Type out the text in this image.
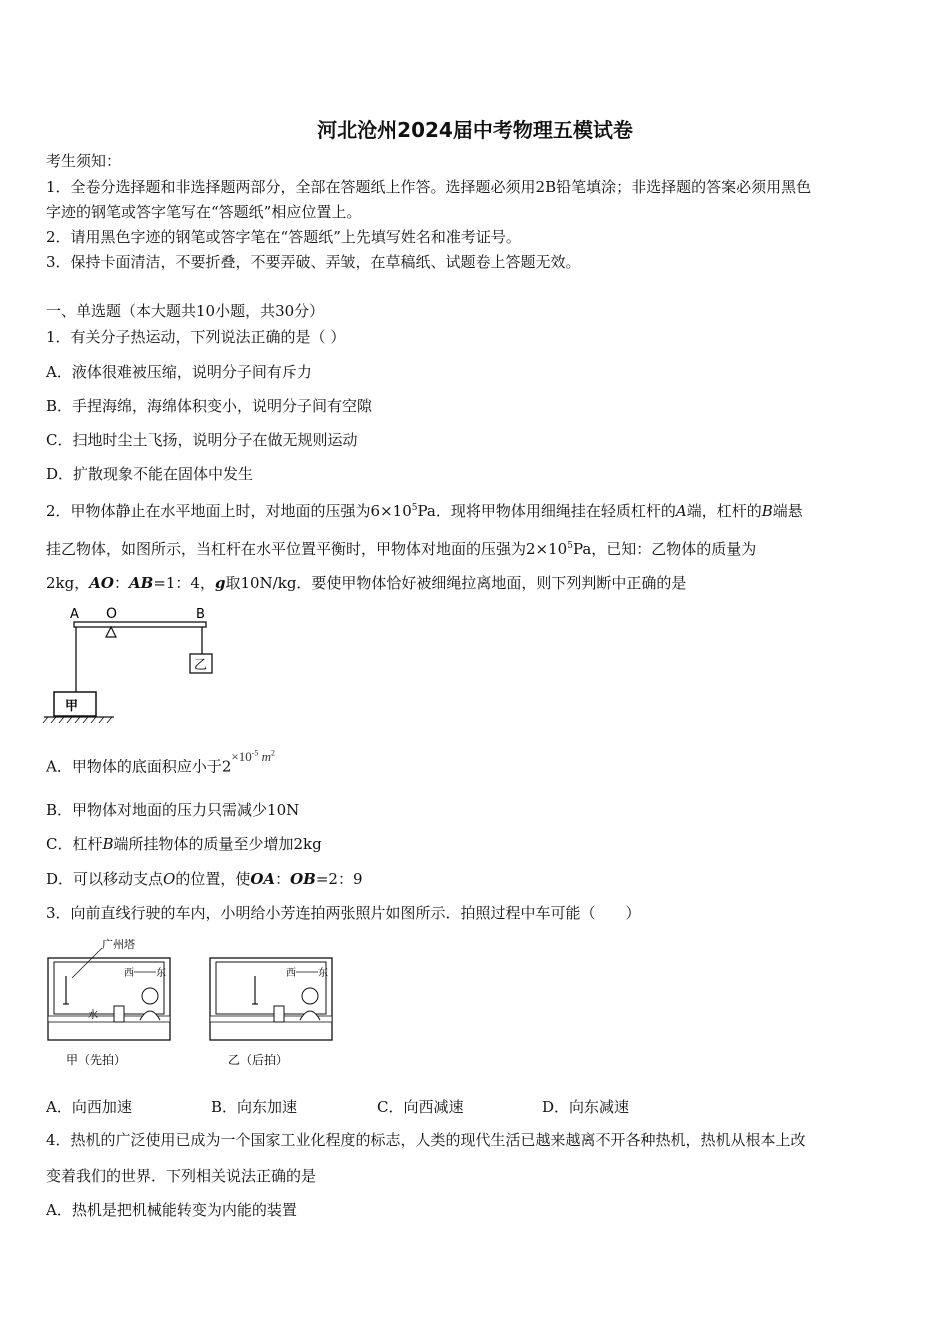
河北沧州2024届中考物理五模试卷
考生须知：
1．全卷分选择题和非选择题两部分，全部在答题纸上作答。选择题必须用2B铅笔填涂；非选择题的答案必须用黑色
字迹的钢笔或答字笔写在“答题纸”相应位置上。
2．请用黑色字迹的钢笔或答字笔在“答题纸”上先填写姓名和准考证号。
3．保持卡面清洁，不要折叠，不要弄破、弄皱，在草稿纸、试题卷上答题无效。
一、单选题（本大题共10小题，共30分）
1．有关分子热运动，下列说法正确的是（ ）
A．液体很难被压缩，说明分子间有斥力
B．手捏海绵，海绵体积变小，说明分子间有空隙
C．扫地时尘土飞扬，说明分子在做无规则运动
D．扩散现象不能在固体中发生
2．甲物体静止在水平地面上时，对地面的压强为$6\times 10^5Pa$．现将甲物体用细绳挂在轻质杠杆的A端，杠杆的B端悬
挂乙物体，如图所示，当杠杆在水平位置平衡时，甲物体对地面的压强为$2\times 10^5Pa$，已知：乙物体的质量为
2kg，AO：AB=1：4，g取10N/kg．要使甲物体恰好被细绳拉离地面，则下列判断中正确的是
A O	B
乙
甲
A．甲物体的底面积应小于$2\times 10^{-5}$ $m^2$
B．甲物体对地面的压力只需减少10N
C．杠杆B端所挂物体的质量至少增加2kg
D．可以移动支点O的位置，使OA：OB=2：9
3．向前直线行驶的车内，小明给小芳连拍两张照片如图所示．拍照过程中车可能（　　）
西 东
水
广州塔
甲（先拍）
西 东
乙（后拍）
A．向西加速	B．向东加速	C．向西减速	D．向东减速
4．热机的广泛使用已成为一个国家工业化程度的标志，人类的现代生活已越来越离不开各种热机，热机从根本上改
变着我们的世界．下列相关说法正确的是
A．热机是把机械能转变为内能的装置
